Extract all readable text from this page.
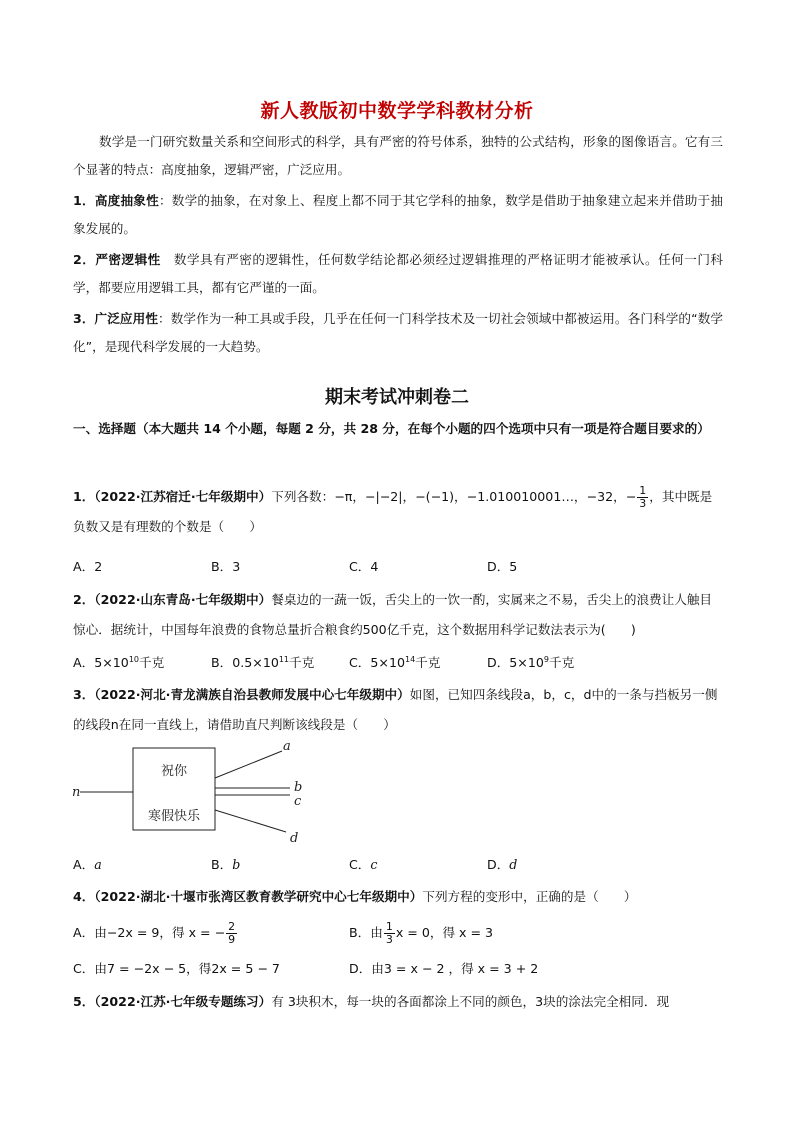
新人教版初中数学学科教材分析
数学是一门研究数量关系和空间形式的科学，具有严密的符号体系，独特的公式结构，形象的图像语言。它有三个显著的特点：高度抽象，逻辑严密，广泛应用。
1．高度抽象性：数学的抽象，在对象上、程度上都不同于其它学科的抽象，数学是借助于抽象建立起来并借助于抽象发展的。
2．严密逻辑性　数学具有严密的逻辑性，任何数学结论都必须经过逻辑推理的严格证明才能被承认。任何一门科学，都要应用逻辑工具，都有它严谨的一面。
3．广泛应用性：数学作为一种工具或手段，几乎在任何一门科学技术及一切社会领域中都被运用。各门科学的“数学化”，是现代科学发展的一大趋势。
期末考试冲刺卷二
一、选择题（本大题共 14 个小题，每题 2 分，共 28 分，在每个小题的四个选项中只有一项是符合题目要求的）
1．（2022·江苏宿迁·七年级期中）下列各数：−π，−|−2|，−(−1)，−1.010010001…，−32，− $\frac{1}{3}$ ，其中既是负数又是有理数的个数是（　　）
A．2	B．3	C．4	D．5
2．（2022·山东青岛·七年级期中）餐桌边的一蔬一饭，舌尖上的一饮一酌，实属来之不易，舌尖上的浪费让人触目惊心．据统计，中国每年浪费的食物总量折合粮食约500亿千克，这个数据用科学记数法表示为(　　)
A．$5\times 10^{10}$千克	B．$0.5\times 10^{11}$千克	C．$5\times 10^{14}$千克	D．$5\times 10^9$千克
3．（2022·河北·青龙满族自治县教师发展中心七年级期中）如图，已知四条线段a，b，c，d中的一条与挡板另一侧的线段n在同一直线上，请借助直尺判断该线段是（　　）
祝你
寒假快乐
a
b
c
d
n
A．a	B．b	C．c	D．d
4．（2022·湖北·十堰市张湾区教育教学研究中心七年级期中）下列方程的变形中，正确的是（　　）
A．由−2x = 9，得 x = − $\frac{2}{9}$	B．由 $\frac{1}{3}$ x = 0，得 x = 3
C．由7 = −2x − 5，得2x = 5 − 7	D．由3 = x − 2 ，得 x = 3 + 2
5．（2022·江苏·七年级专题练习）有 3块积木，每一块的各面都涂上不同的颜色，3块的涂法完全相同．现
